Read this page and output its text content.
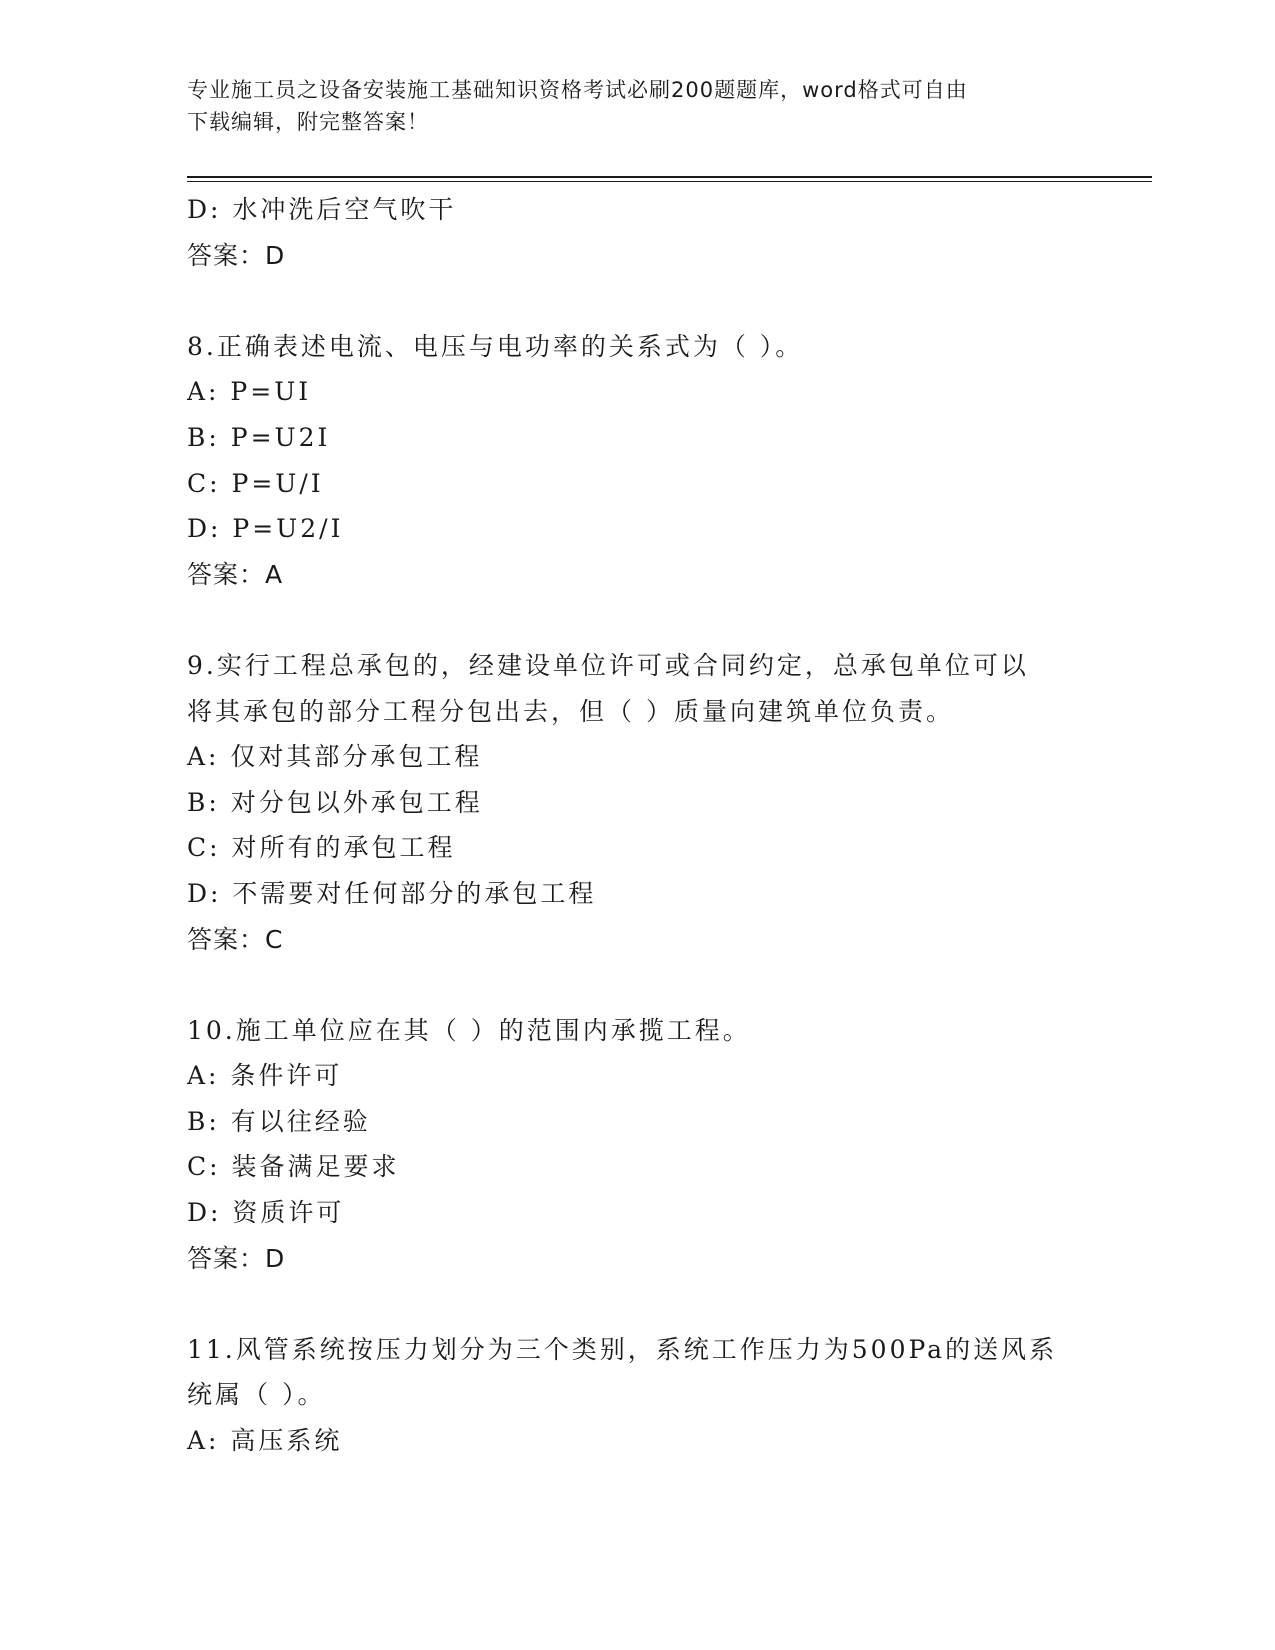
专业施工员之设备安装施工基础知识资格考试必刷200题题库，word格式可自由
下载编辑，附完整答案！
D: 水冲洗后空气吹干
答案：D
8.正确表述电流、电压与电功率的关系式为（ ）。
A: P=UI
B: P=U2I
C: P=U/I
D: P=U2/I
答案：A
9.实行工程总承包的，经建设单位许可或合同约定，总承包单位可以
将其承包的部分工程分包出去，但（ ）质量向建筑单位负责。
A: 仅对其部分承包工程
B: 对分包以外承包工程
C: 对所有的承包工程
D: 不需要对任何部分的承包工程
答案：C
10.施工单位应在其（ ）的范围内承揽工程。
A: 条件许可
B: 有以往经验
C: 装备满足要求
D: 资质许可
答案：D
11.风管系统按压力划分为三个类别，系统工作压力为500Pa的送风系
统属（ ）。
A: 高压系统
